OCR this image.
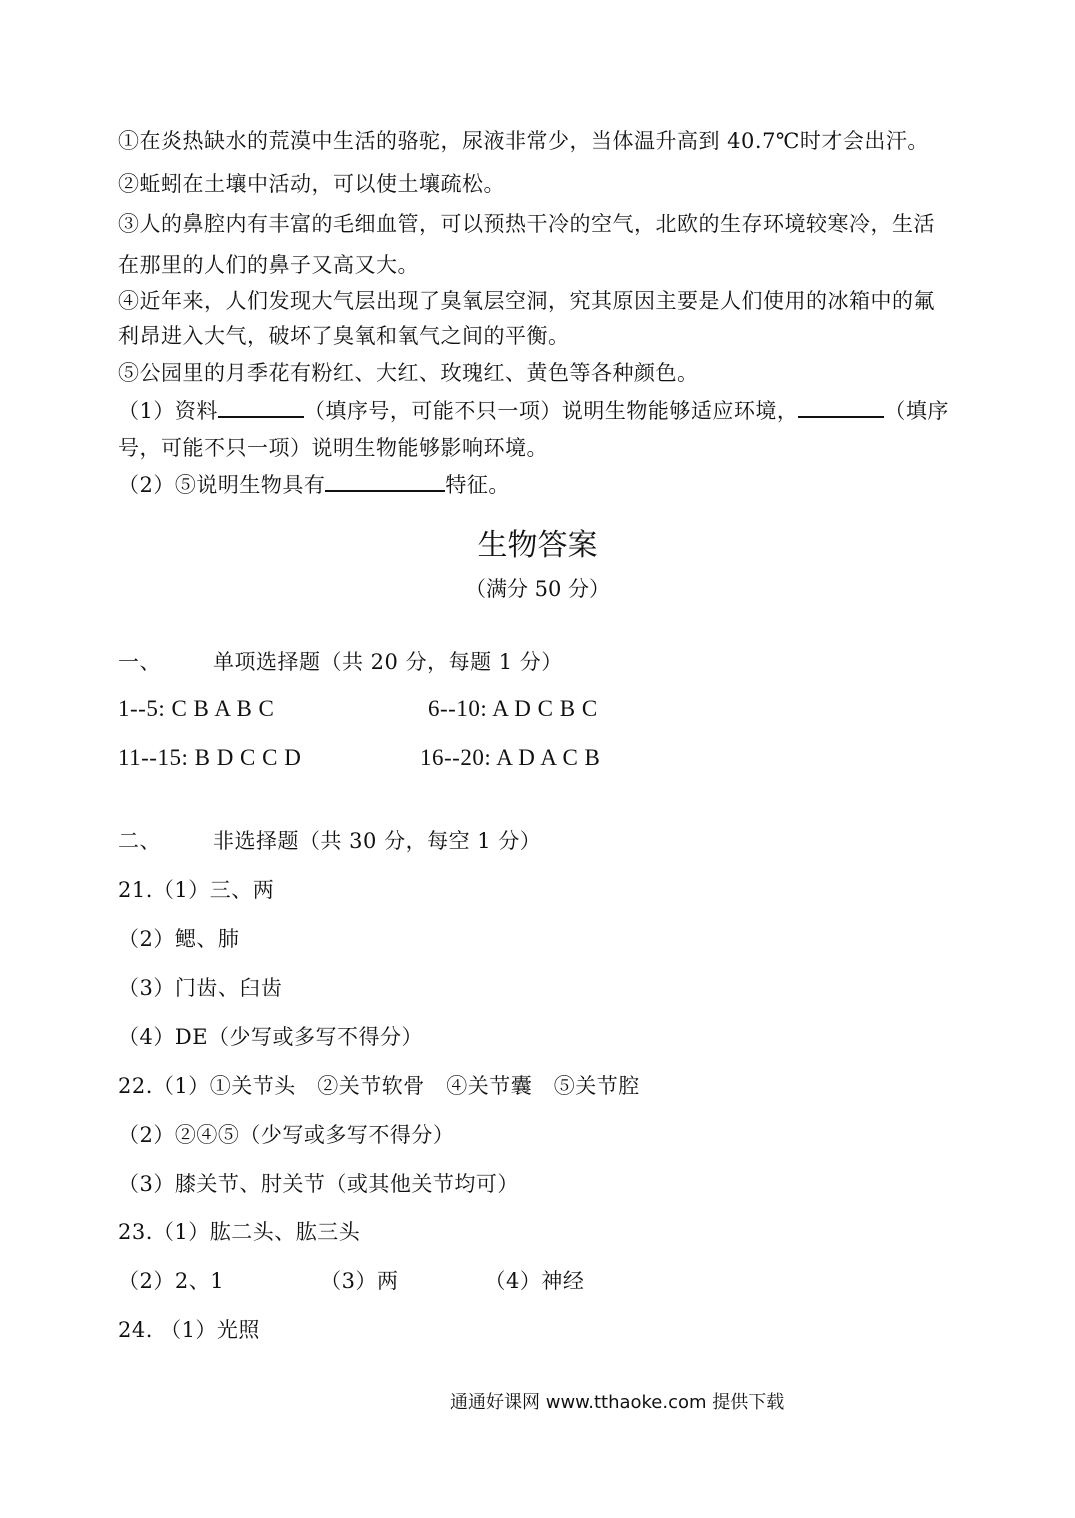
①在炎热缺水的荒漠中生活的骆驼，尿液非常少，当体温升高到 40.7℃时才会出汗。
②蚯蚓在土壤中活动，可以使土壤疏松。
③人的鼻腔内有丰富的毛细血管，可以预热干冷的空气，北欧的生存环境较寒冷，生活
在那里的人们的鼻子又高又大。
④近年来，人们发现大气层出现了臭氧层空洞，究其原因主要是人们使用的冰箱中的氟
利昂进入大气，破坏了臭氧和氧气之间的平衡。
⑤公园里的月季花有粉红、大红、玫瑰红、黄色等各种颜色。
（1）资料	（填序号，可能不只一项）说明生物能够适应环境，	（填序
号，可能不只一项）说明生物能够影响环境。
（2）⑤说明生物具有	特征。
生物答案
（满分 50 分）
一、 单项选择题（共 20 分，每题 1 分）
1--5: C B A B C	6--10: A D C B C
11--15: B D C C D	16--20: A D A C B
二、 非选择题（共 30 分，每空 1 分）
21.（1）三、两
（2）鳃、肺
（3）门齿、臼齿
（4）DE（少写或多写不得分）
22.（1）①关节头　②关节软骨　④关节囊　⑤关节腔
（2）②④⑤（少写或多写不得分）
（3）膝关节、肘关节（或其他关节均可）
23.（1）肱二头、肱三头
（2）2、1	（3）两	（4）神经
24. （1）光照
通通好课网 www.tthaoke.com 提供下载
